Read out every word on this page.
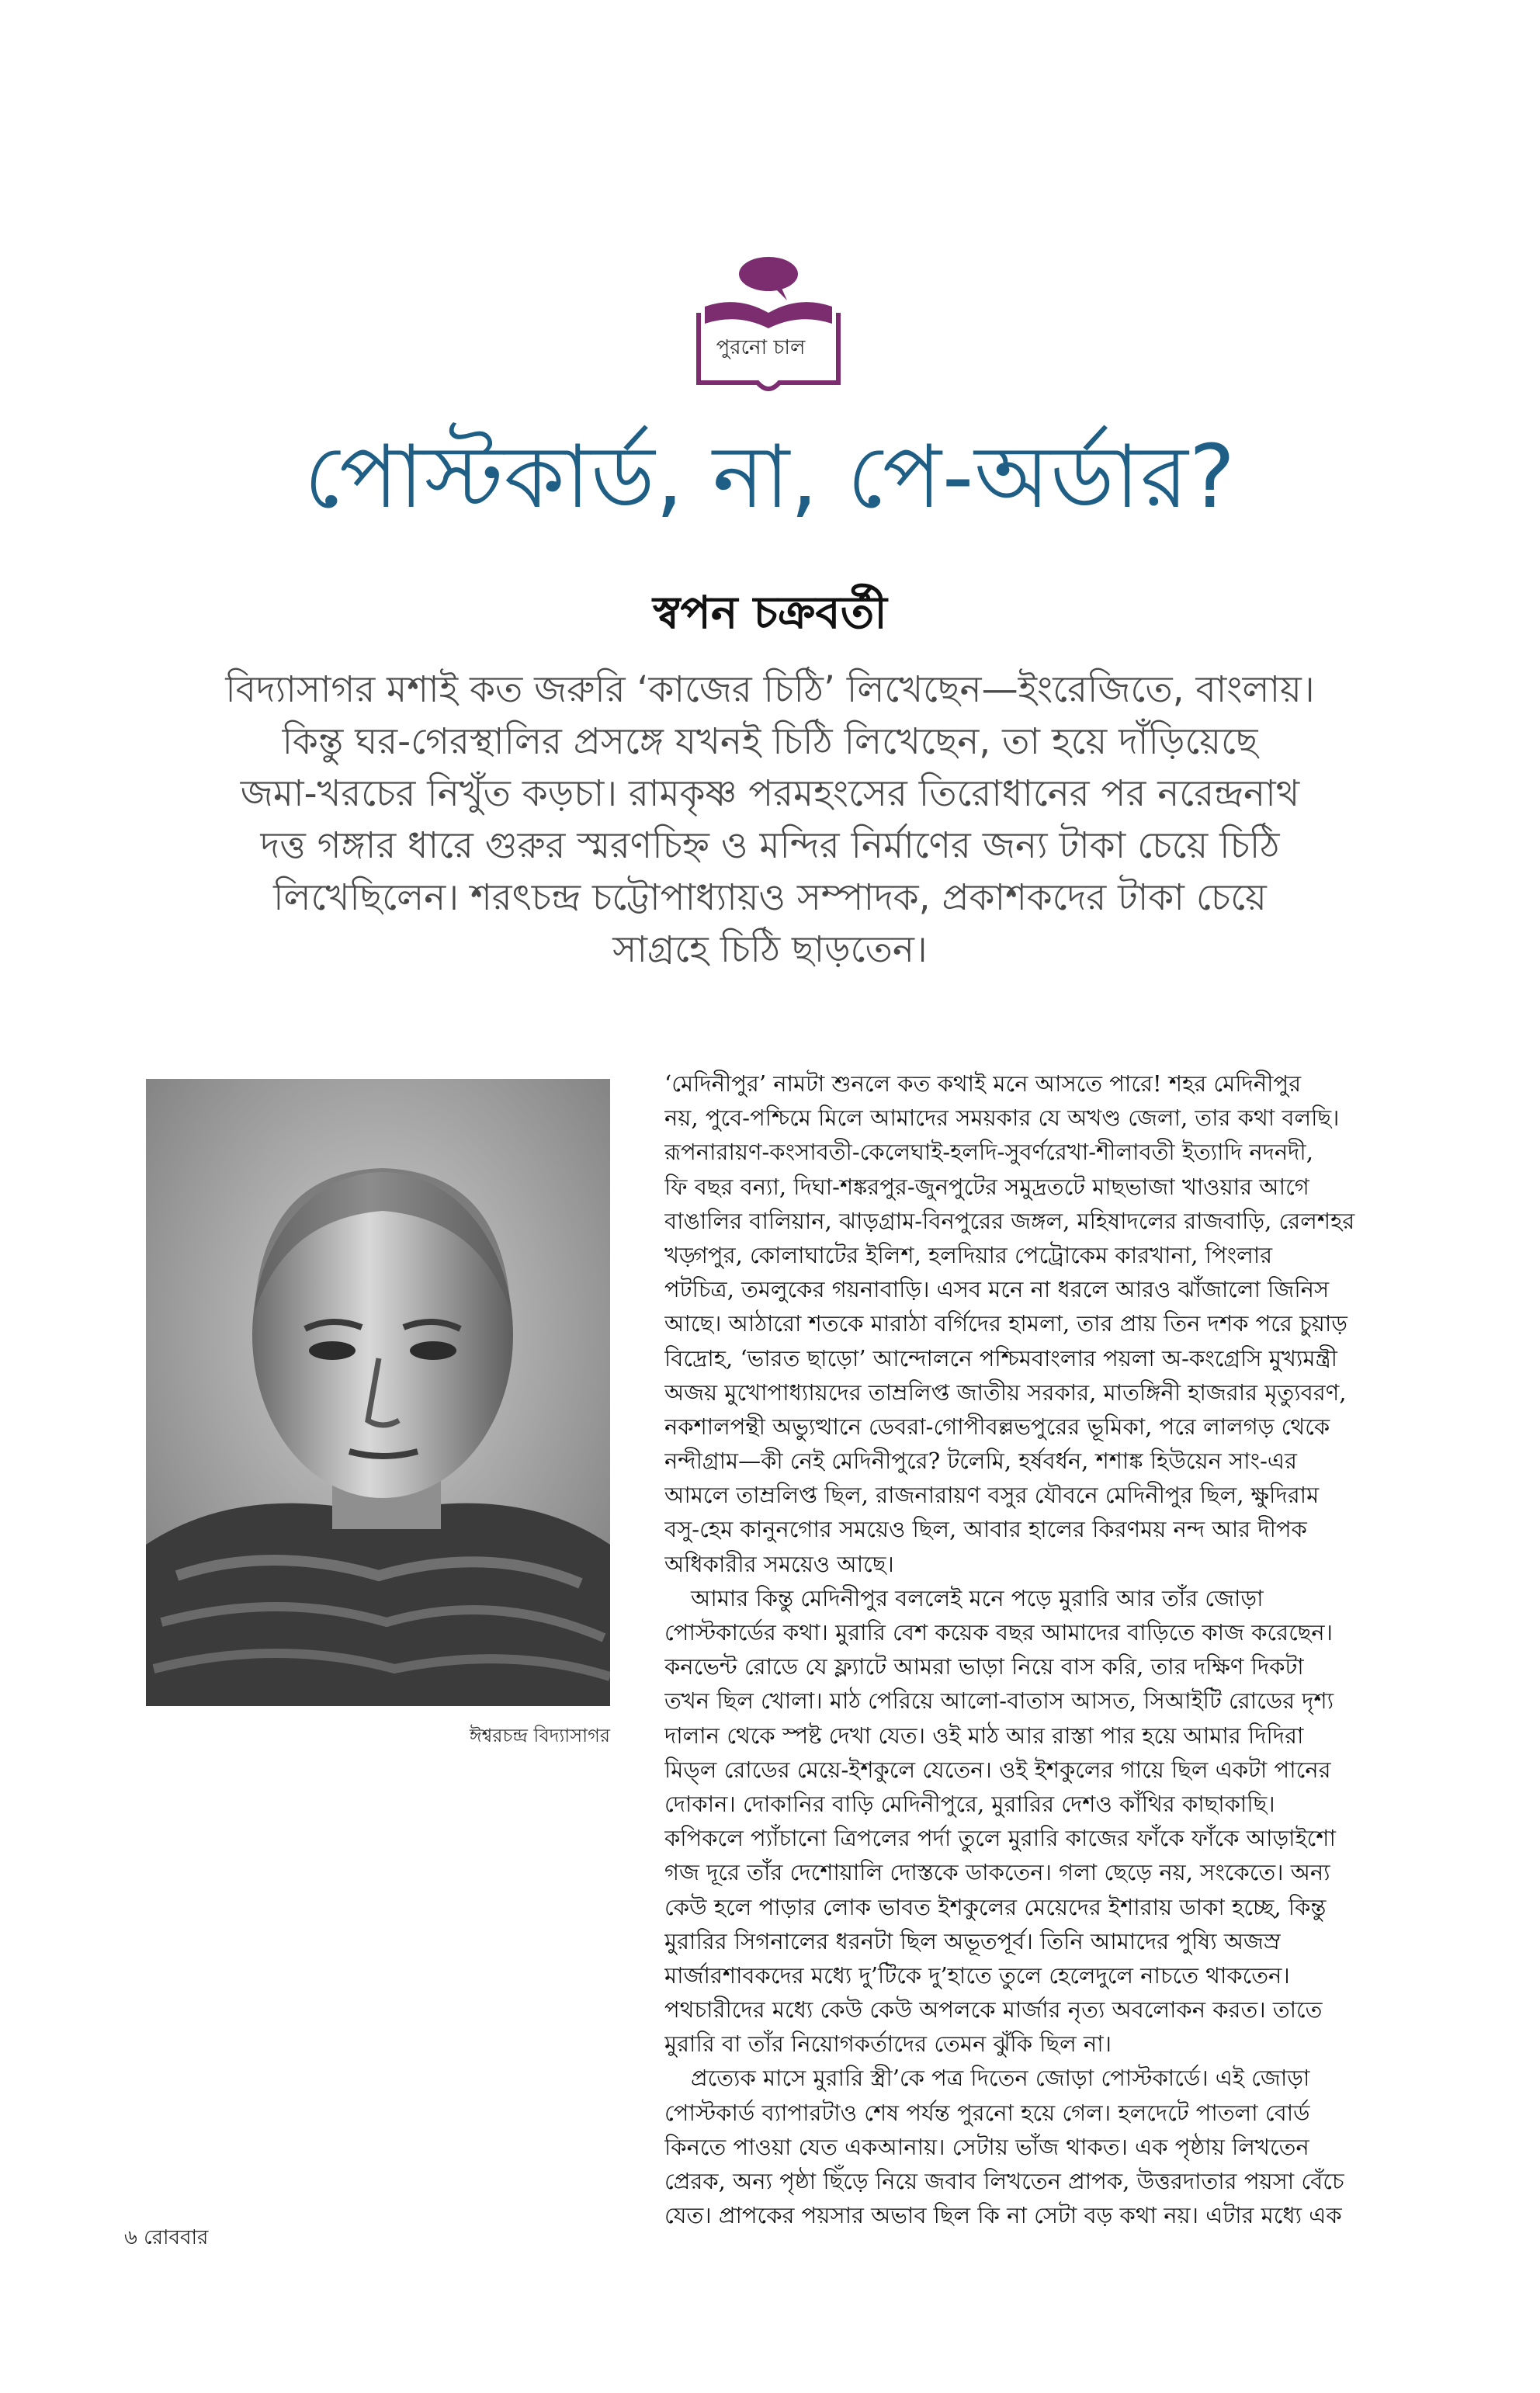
পুরনো চাল
পোস্টকার্ড, না, পে-অর্ডার?
স্বপন চক্রবর্তী

বিদ্যাসাগর মশাই কত জরুরি ‘কাজের চিঠি’ লিখেছেন—ইংরেজিতে, বাংলায়।

কিন্তু ঘর-গেরস্থালির প্রসঙ্গে যখনই চিঠি লিখেছেন, তা হয়ে দাঁড়িয়েছে

জমা-খরচের নিখুঁত কড়চা। রামকৃষ্ণ পরমহংসের তিরোধানের পর নরেন্দ্রনাথ

দত্ত গঙ্গার ধারে গুরুর স্মরণচিহ্ন ও মন্দির নির্মাণের জন্য টাকা চেয়ে চিঠি

লিখেছিলেন। শরৎচন্দ্র চট্টোপাধ্যায়ও সম্পাদক, প্রকাশকদের টাকা চেয়ে

সাগ্রহে চিঠি ছাড়তেন।

ঈশ্বরচন্দ্র বিদ্যাসাগর
‘মেদিনীপুর’ নামটা শুনলে কত কথাই মনে আসতে পারে! শহর মেদিনীপুর
নয়, পুবে-পশ্চিমে মিলে আমাদের সময়কার যে অখণ্ড জেলা, তার কথা বলছি।
রূপনারায়ণ-কংসাবতী-কেলেঘাই-হলদি-সুবর্ণরেখা-শীলাবতী ইত্যাদি নদনদী,
ফি বছর বন্যা, দিঘা-শঙ্করপুর-জুনপুটের সমুদ্রতটে মাছভাজা খাওয়ার আগে
বাঙালির বালিয়ান, ঝাড়গ্রাম-বিনপুরের জঙ্গল, মহিষাদলের রাজবাড়ি, রেলশহর
খড়্গপুর, কোলাঘাটের ইলিশ, হলদিয়ার পেট্রোকেম কারখানা, পিংলার
পটচিত্র, তমলুকের গয়নাবাড়ি। এসব মনে না ধরলে আরও ঝাঁজালো জিনিস
আছে। আঠারো শতকে মারাঠা বর্গিদের হামলা, তার প্রায় তিন দশক পরে চুয়াড়
বিদ্রোহ, ‘ভারত ছাড়ো’ আন্দোলনে পশ্চিমবাংলার পয়লা অ-কংগ্রেসি মুখ্যমন্ত্রী
অজয় মুখোপাধ্যায়দের তাম্রলিপ্ত জাতীয় সরকার, মাতঙ্গিনী হাজরার মৃত্যুবরণ,
নকশালপন্থী অভ্যুত্থানে ডেবরা-গোপীবল্লভপুরের ভূমিকা, পরে লালগড় থেকে
নন্দীগ্রাম—কী নেই মেদিনীপুরে? টলেমি, হর্ষবর্ধন, শশাঙ্ক হিউয়েন সাং-এর
আমলে তাম্রলিপ্ত ছিল, রাজনারায়ণ বসুর যৌবনে মেদিনীপুর ছিল, ক্ষুদিরাম
বসু-হেম কানুনগোর সময়েও ছিল, আবার হালের কিরণময় নন্দ আর দীপক
অধিকারীর সময়েও আছে।
আমার কিন্তু মেদিনীপুর বললেই মনে পড়ে মুরারি আর তাঁর জোড়া
পোস্টকার্ডের কথা। মুরারি বেশ কয়েক বছর আমাদের বাড়িতে কাজ করেছেন।
কনভেন্ট রোডে যে ফ্ল্যাটে আমরা ভাড়া নিয়ে বাস করি, তার দক্ষিণ দিকটা
তখন ছিল খোলা। মাঠ পেরিয়ে আলো-বাতাস আসত, সিআইটি রোডের দৃশ্য
দালান থেকে স্পষ্ট দেখা যেত। ওই মাঠ আর রাস্তা পার হয়ে আমার দিদিরা
মিড্ল রোডের মেয়ে-ইশকুলে যেতেন। ওই ইশকুলের গায়ে ছিল একটা পানের
দোকান। দোকানির বাড়ি মেদিনীপুরে, মুরারির দেশও কাঁথির কাছাকাছি।
কপিকলে প্যাঁচানো ত্রিপলের পর্দা তুলে মুরারি কাজের ফাঁকে ফাঁকে আড়াইশো
গজ দূরে তাঁর দেশোয়ালি দোস্তকে ডাকতেন। গলা ছেড়ে নয়, সংকেতে। অন্য
কেউ হলে পাড়ার লোক ভাবত ইশকুলের মেয়েদের ইশারায় ডাকা হচ্ছে, কিন্তু
মুরারির সিগনালের ধরনটা ছিল অভূতপূর্ব। তিনি আমাদের পুষ্যি অজস্র
মার্জারশাবকদের মধ্যে দু’টিকে দু’হাতে তুলে হেলেদুলে নাচতে থাকতেন।
পথচারীদের মধ্যে কেউ কেউ অপলকে মার্জার নৃত্য অবলোকন করত। তাতে
মুরারি বা তাঁর নিয়োগকর্তাদের তেমন ঝুঁকি ছিল না।
প্রত্যেক মাসে মুরারি স্ত্রী’কে পত্র দিতেন জোড়া পোস্টকার্ডে। এই জোড়া
পোস্টকার্ড ব্যাপারটাও শেষ পর্যন্ত পুরনো হয়ে গেল। হলদেটে পাতলা বোর্ড
কিনতে পাওয়া যেত একআনায়। সেটায় ভাঁজ থাকত। এক পৃষ্ঠায় লিখতেন
প্রেরক, অন্য পৃষ্ঠা ছিঁড়ে নিয়ে জবাব লিখতেন প্রাপক, উত্তরদাতার পয়সা বেঁচে
যেত। প্রাপকের পয়সার অভাব ছিল কি না সেটা বড় কথা নয়। এটার মধ্যে এক
৬ রোববার
